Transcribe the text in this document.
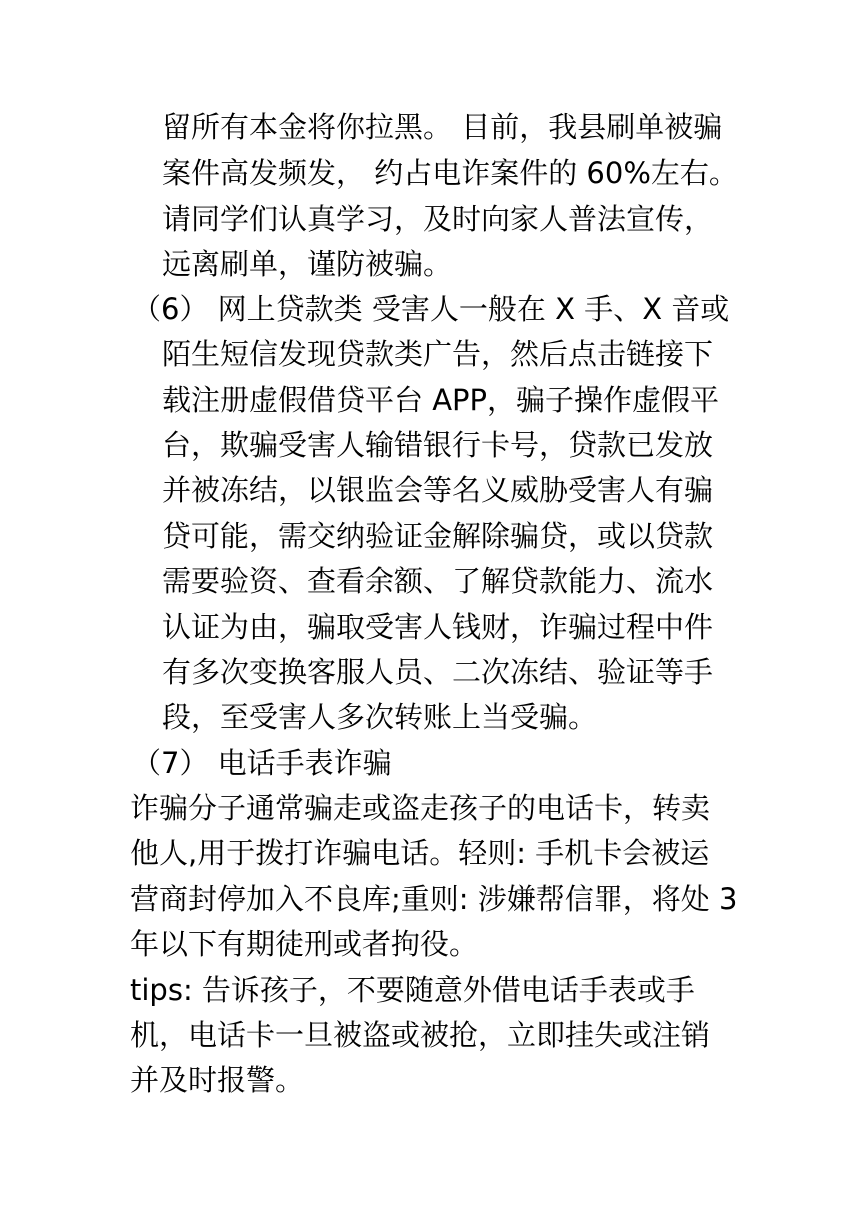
留所有本金将你拉黑。 目前，我县刷单被骗
案件高发频发， 约占电诈案件的 60%左右。
请同学们认真学习，及时向家人普法宣传，
远离刷单，谨防被骗。
（6） 网上贷款类 受害人一般在 X 手、X 音或
陌生短信发现贷款类广告，然后点击链接下
载注册虚假借贷平台 APP，骗子操作虚假平
台，欺骗受害人输错银行卡号，贷款已发放
并被冻结，以银监会等名义威胁受害人有骗
贷可能，需交纳验证金解除骗贷，或以贷款
需要验资、查看余额、了解贷款能力、流水
认证为由，骗取受害人钱财，诈骗过程中件
有多次变换客服人员、二次冻结、验证等手
段，至受害人多次转账上当受骗。
（7） 电话手表诈骗
诈骗分子通常骗走或盗走孩子的电话卡，转卖
他人,用于拨打诈骗电话。轻则: 手机卡会被运
营商封停加入不良库;重则: 涉嫌帮信罪，将处 3
年以下有期徒刑或者拘役。
tips: 告诉孩子，不要随意外借电话手表或手
机，电话卡一旦被盗或被抢，立即挂失或注销
并及时报警。
